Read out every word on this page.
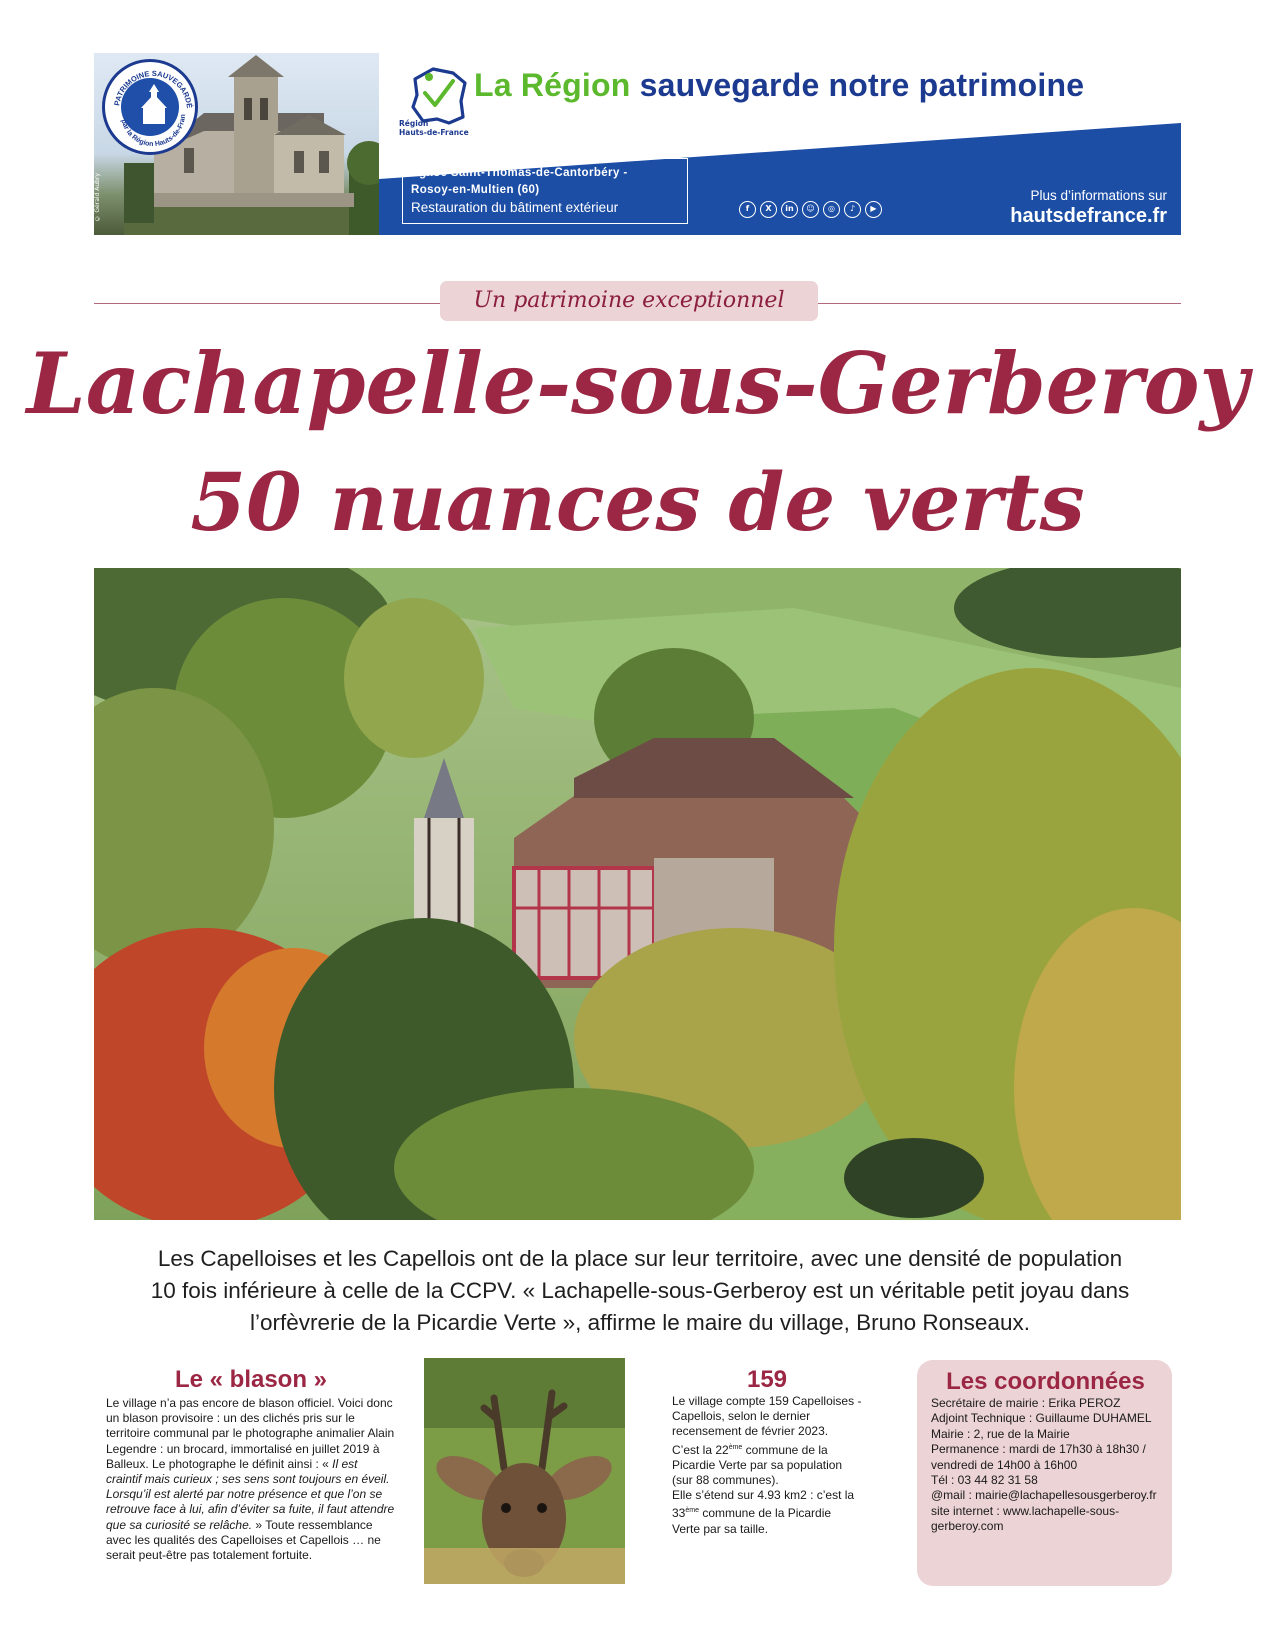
PATRIMOINE SAUVEGARDÉ
par la Région Hauts-de-Fran
© Gérald Aubry
Région
Hauts-de-France
La Région sauvegarde notre patrimoine
Église Saint-Thomas-de-Cantorbéry -
Rosoy-en-Multien (60)
Restauration du bâtiment extérieur	f	X	in	☺	◎	♪	▶
Plus d’informations sur
hautsdefrance.fr
Un patrimoine exceptionnel
Lachapelle-sous-Gerberoy
50 nuances de verts
Les Capelloises et les Capellois ont de la place sur leur territoire, avec une densité de population
10 fois inférieure à celle de la CCPV. « Lachapelle-sous-Gerberoy est un véritable petit joyau dans
l’orfèvrerie de la Picardie Verte », affirme le maire du village, Bruno Ronseaux.
Le « blason »
Le village n’a pas encore de blason officiel. Voici donc un blason provisoire : un des clichés pris sur le territoire communal par le photographe animalier Alain Legendre : un brocard, immortalisé en juillet 2019 à Balleux. Le photographe le définit ainsi : « Il est craintif mais curieux ; ses sens sont toujours en éveil. Lorsqu’il est alerté par notre présence et que l’on se retrouve face à lui, afin d’éviter sa fuite, il faut attendre que sa curiosité se relâche. » Toute ressemblance avec les qualités des Capelloises et Capellois … ne serait peut-être pas totalement fortuite.
159
Le village compte 159 Capelloises - Capellois, selon le dernier recensement de février 2023.
C’est la 22ème commune de la Picardie Verte par sa population (sur 88 communes).
Elle s’étend sur 4.93 km2 : c’est la 33ème commune de la Picardie Verte par sa taille.
Les coordonnées
Secrétaire de mairie : Erika PEROZ
Adjoint Technique : Guillaume DUHAMEL
Mairie : 2, rue de la Mairie
Permanence : mardi de 17h30 à 18h30 / vendredi de 14h00 à 16h00
Tél : 03 44 82 31 58
@mail : mairie@lachapellesousgerberoy.fr
site internet : www.lachapelle-sous-gerberoy.com
